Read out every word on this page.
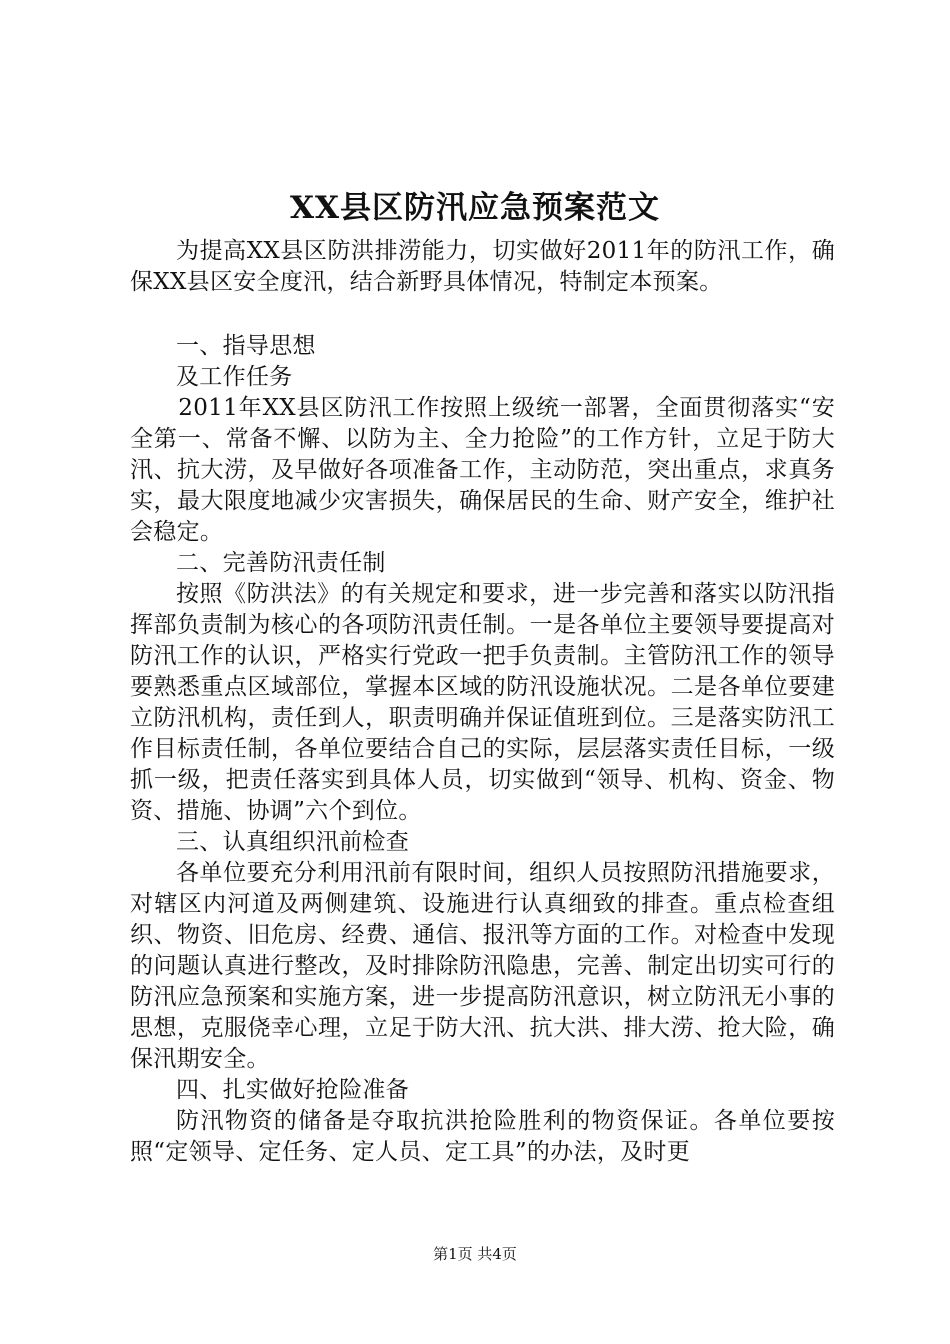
XX县区防汛应急预案范文

为提高XX县区防洪排涝能力，切实做好2011年的防汛工作，确保XX县区安全度汛，结合新野具体情况，特制定本预案。

一、指导思想

及工作任务

2011年XX县区防汛工作按照上级统一部署，全面贯彻落实“安全第一、常备不懈、以防为主、全力抢险”的工作方针，立足于防大汛、抗大涝，及早做好各项准备工作，主动防范，突出重点，求真务实，最大限度地减少灾害损失，确保居民的生命、财产安全，维护社会稳定。

二、完善防汛责任制

按照《防洪法》的有关规定和要求，进一步完善和落实以防汛指挥部负责制为核心的各项防汛责任制。一是各单位主要领导要提高对防汛工作的认识，严格实行党政一把手负责制。主管防汛工作的领导要熟悉重点区域部位，掌握本区域的防汛设施状况。二是各单位要建立防汛机构，责任到人，职责明确并保证值班到位。三是落实防汛工作目标责任制，各单位要结合自己的实际，层层落实责任目标，一级抓一级，把责任落实到具体人员，切实做到“领导、机构、资金、物资、措施、协调”六个到位。

三、认真组织汛前检查

各单位要充分利用汛前有限时间，组织人员按照防汛措施要求，对辖区内河道及两侧建筑、设施进行认真细致的排查。重点检查组织、物资、旧危房、经费、通信、报汛等方面的工作。对检查中发现的问题认真进行整改，及时排除防汛隐患，完善、制定出切实可行的防汛应急预案和实施方案，进一步提高防汛意识，树立防汛无小事的思想，克服侥幸心理，立足于防大汛、抗大洪、排大涝、抢大险，确保汛期安全。

四、扎实做好抢险准备

防汛物资的储备是夺取抗洪抢险胜利的物资保证。各单位要按照“定领导、定任务、定人员、定工具”的办法，及时更

第1页 共4页
